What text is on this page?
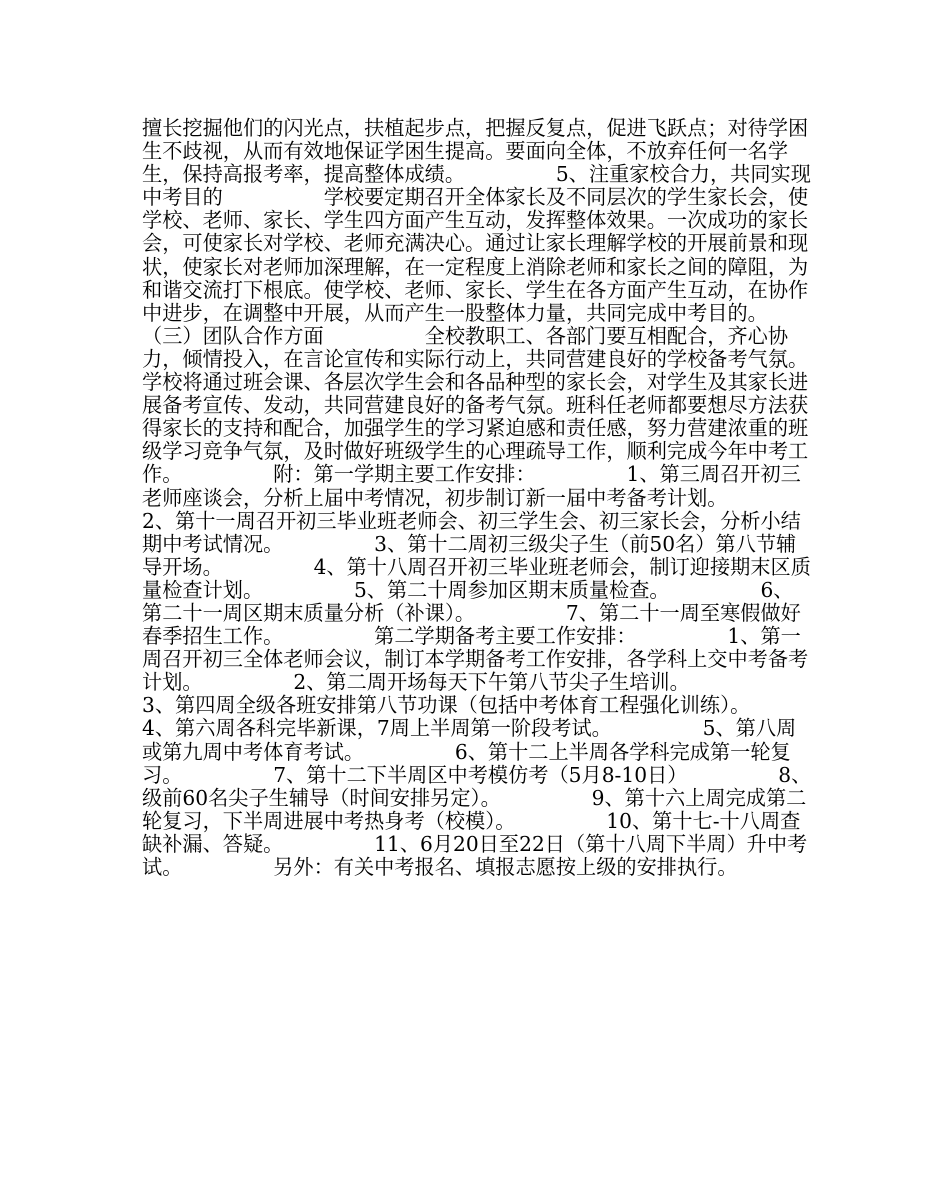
擅长挖掘他们的闪光点，扶植起步点，把握反复点，促进飞跃点；对待学困生不歧视，从而有效地保证学困生提高。要面向全体，不放弃任何一名学生，保持高报考率，提高整体成绩。　　　　　5、注重家校合力，共同实现中考目的　　　　　学校要定期召开全体家长及不同层次的学生家长会，使学校、老师、家长、学生四方面产生互动，发挥整体效果。一次成功的家长会，可使家长对学校、老师充满决心。通过让家长理解学校的开展前景和现状，使家长对老师加深理解，在一定程度上消除老师和家长之间的障阻，为和谐交流打下根底。使学校、老师、家长、学生在各方面产生互动，在协作中进步，在调整中开展，从而产生一股整体力量，共同完成中考目的。　　　　　（三）团队合作方面　　　　　全校教职工、各部门要互相配合，齐心协力，倾情投入，在言论宣传和实际行动上，共同营建良好的学校备考气氛。学校将通过班会课、各层次学生会和各品种型的家长会，对学生及其家长进展备考宣传、发动，共同营建良好的备考气氛。班科任老师都要想尽方法获得家长的支持和配合，加强学生的学习紧迫感和责任感，努力营建浓重的班级学习竞争气氛，及时做好班级学生的心理疏导工作，顺利完成今年中考工作。　　　　　附：第一学期主要工作安排：　　　　　1、第三周召开初三老师座谈会，分析上届中考情况，初步制订新一届中考备考计划。　　　　　2、第十一周召开初三毕业班老师会、初三学生会、初三家长会，分析小结期中考试情况。　　　　　3、第十二周初三级尖子生（前50名）第八节辅导开场。　　　　　4、第十八周召开初三毕业班老师会，制订迎接期末区质量检查计划。　　　　　5、第二十周参加区期末质量检查。　　　　　6、第二十一周区期末质量分析（补课）。　　　　　7、第二十一周至寒假做好春季招生工作。　　　　　第二学期备考主要工作安排：　　　　　1、第一周召开初三全体老师会议，制订本学期备考工作安排，各学科上交中考备考计划。　　　　　2、第二周开场每天下午第八节尖子生培训。　　　　　3、第四周全级各班安排第八节功课（包括中考体育工程强化训练）。　　　　　4、第六周各科完毕新课，7周上半周第一阶段考试。　　　　　5、第八周或第九周中考体育考试。　　　　　6、第十二上半周各学科完成第一轮复习。　　　　　7、第十二下半周区中考模仿考（5月8-10日）　　　　　8、级前60名尖子生辅导（时间安排另定）。　　　　　9、第十六上周完成第二轮复习，下半周进展中考热身考（校模）。　　　　　10、第十七-十八周查缺补漏、答疑。　　　　　11、6月20日至22日（第十八周下半周）升中考试。　　　　　另外：有关中考报名、填报志愿按上级的安排执行。
